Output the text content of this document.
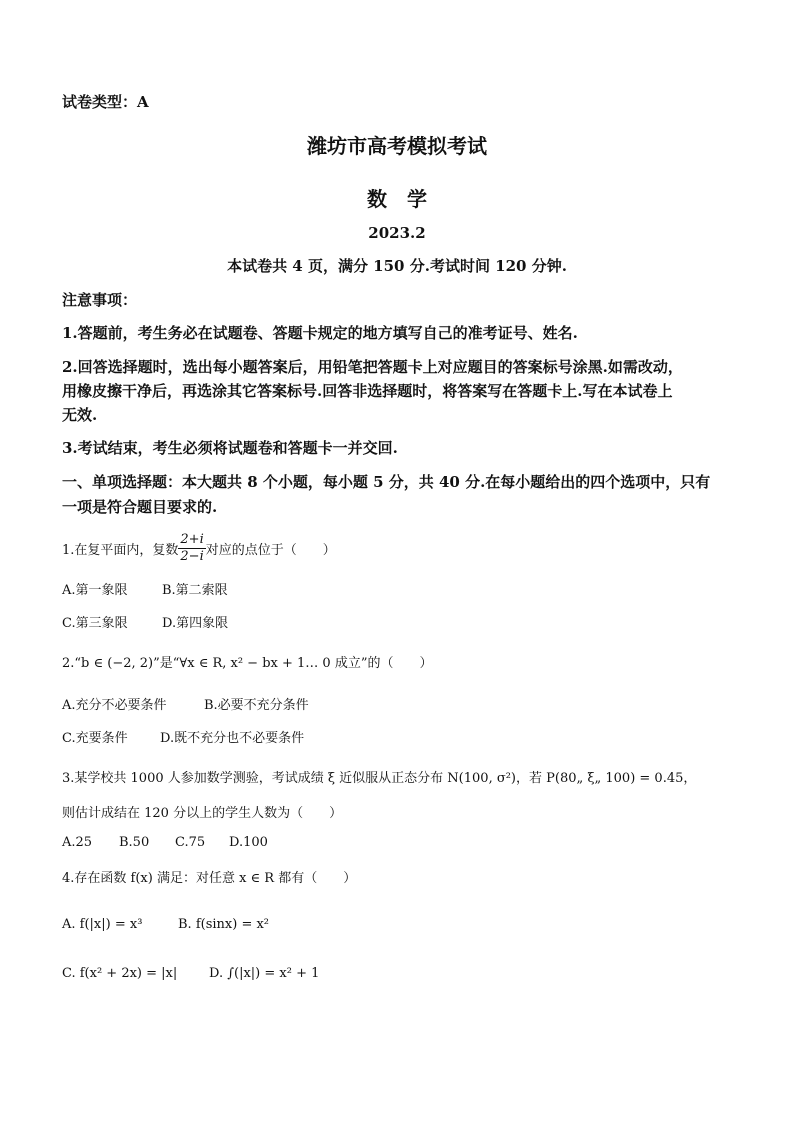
试卷类型：A
潍坊市高考模拟考试
数　学
2023.2
本试卷共 4 页，满分 150 分.考试时间 120 分钟.
注意事项：
1.答题前，考生务必在试题卷、答题卡规定的地方填写自己的准考证号、姓名.
2.回答选择题时，选出每小题答案后，用铅笔把答题卡上对应题目的答案标号涂黑.如需改动，
用橡皮擦干净后，再选涂其它答案标号.回答非选择题时，将答案写在答题卡上.写在本试卷上
无效.
3.考试结束，考生必须将试题卷和答题卡一并交回.
一、单项选择题：本大题共 8 个小题，每小题 5 分，共 40 分.在每小题给出的四个选项中，只有
一项是符合题目要求的.
1.在复平面内，复数 $\frac{2+i}{2-i}$ 对应的点位于（　　）
A.第一象限	B.第二索限
C.第三象限	D.第四象限
2.“b ∈ (−2, 2)”是“∀x ∈ R, x² − bx + 1… 0 成立”的（　　）
A.充分不必要条件	B.必要不充分条件
C.充要条件 D.既不充分也不必要条件
3.某学校共 1000 人参加数学测验，考试成绩 ξ 近似服从正态分布 N(100, σ²)，若 P(80„ ξ„ 100) = 0.45，
则估计成结在 120 分以上的学生人数为（　　）
A.25 B.50 C.75 D.100
4.存在函数 f(x) 满足：对任意 x ∈ R 都有（　　）
A. f(|x|) = x³	B. f(sinx) = x²
C. f(x² + 2x) = |x| D. ∫(|x|) = x² + 1
